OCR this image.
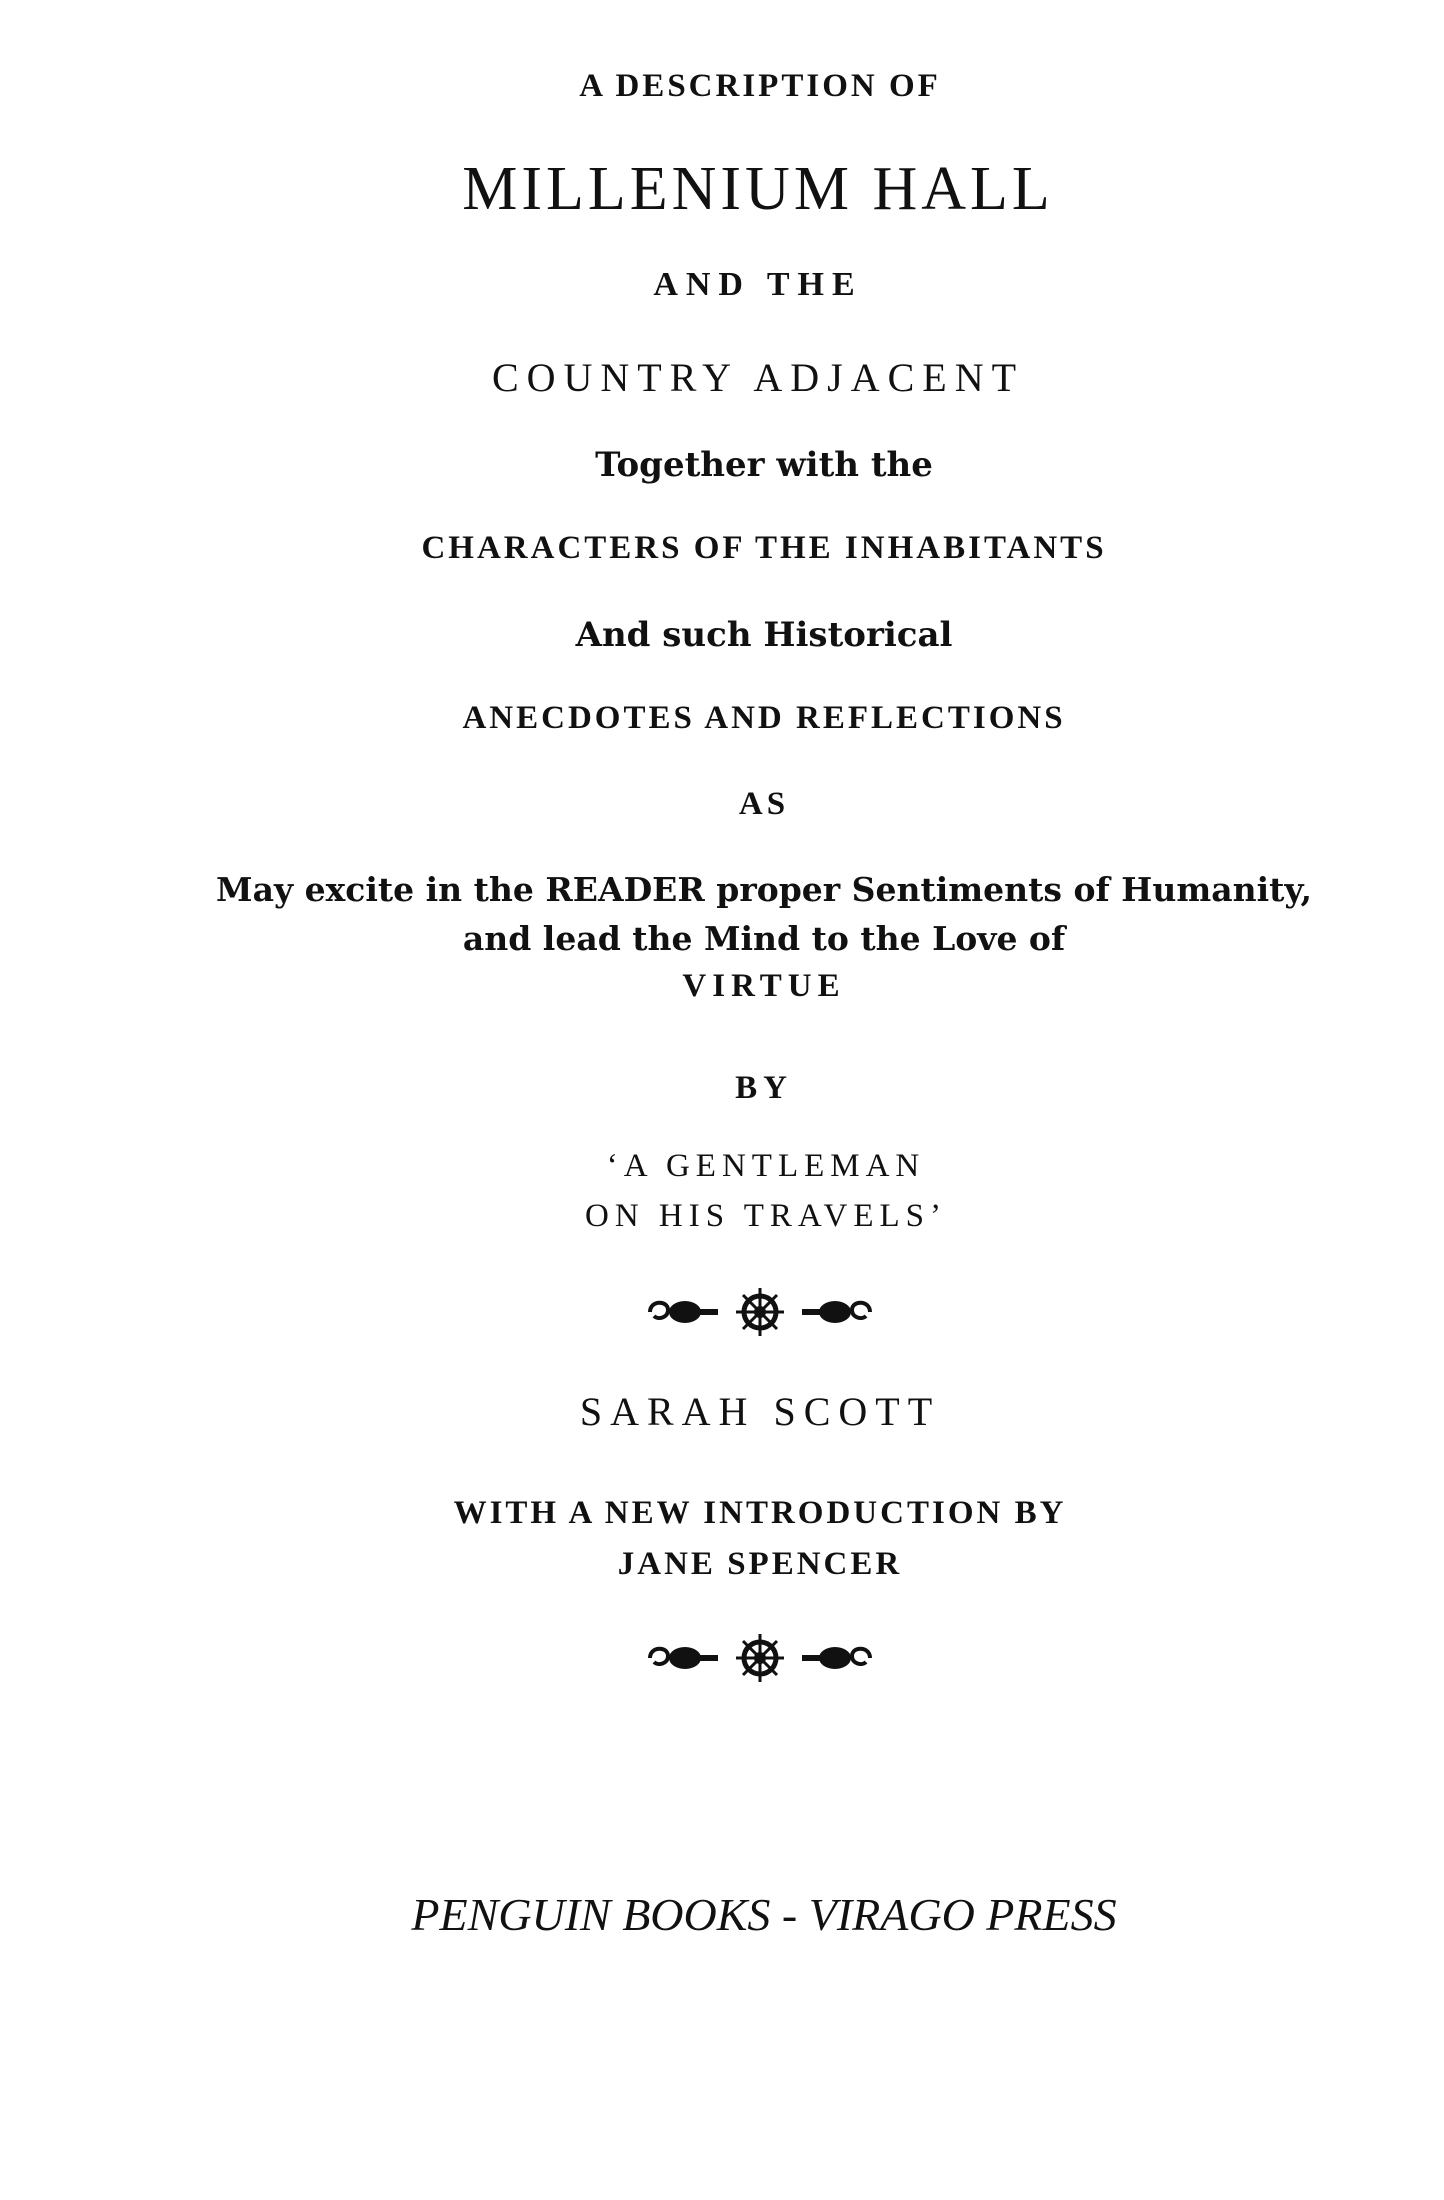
A DESCRIPTION OF
MILLENIUM HALL
AND THE
COUNTRY ADJACENT
Together with the
CHARACTERS OF THE INHABITANTS
And such Historical
ANECDOTES AND REFLECTIONS
AS
May excite in the READER proper Sentiments of Humanity,
and lead the Mind to the Love of
VIRTUE
BY
‘A GENTLEMAN
ON HIS TRAVELS’
SARAH SCOTT
WITH A NEW INTRODUCTION BY
JANE SPENCER
PENGUIN BOOKS - VIRAGO PRESS
